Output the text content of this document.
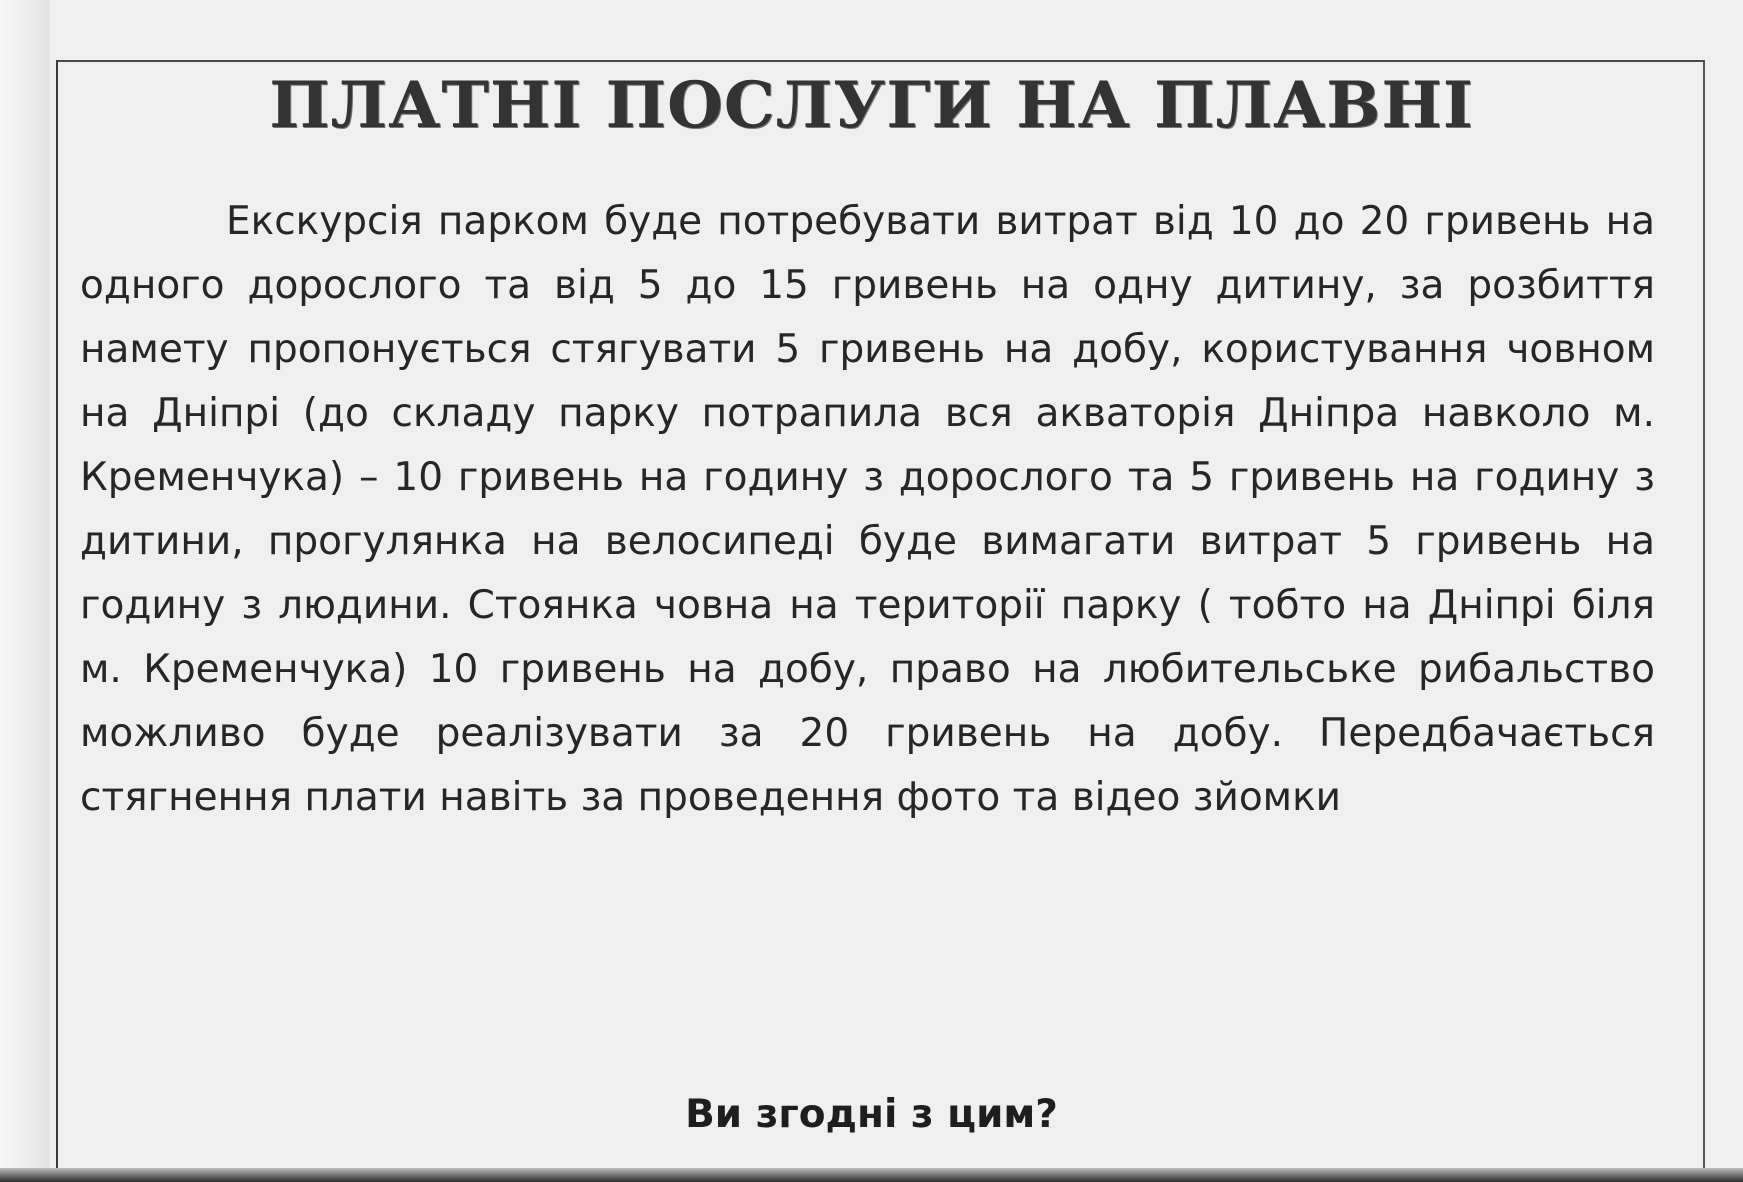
ПЛАТНІ ПОСЛУГИ НА ПЛАВНІ

Екскурсія парком буде потребувати витрат від 10 до 20 гривень на одного дорослого та від 5 до 15 гривень на одну дитину, за розбиття намету пропонується стягувати 5 гривень на добу, користування човном на Дніпрі (до складу парку потрапила вся акваторія Дніпра навколо м. Кременчука) – 10 гривень на годину з дорослого та 5 гривень на годину з дитини, прогулянка на велосипеді буде вимагати витрат 5 гривень на годину з людини. Стоянка човна на території парку ( тобто на Дніпрі біля м. Кременчука) 10 гривень на добу, право на любительське рибальство можливо буде реалізувати за 20 гривень на добу. Передбачається стягнення плати навіть за проведення фото та відео зйомки

Ви згодні з цим?
